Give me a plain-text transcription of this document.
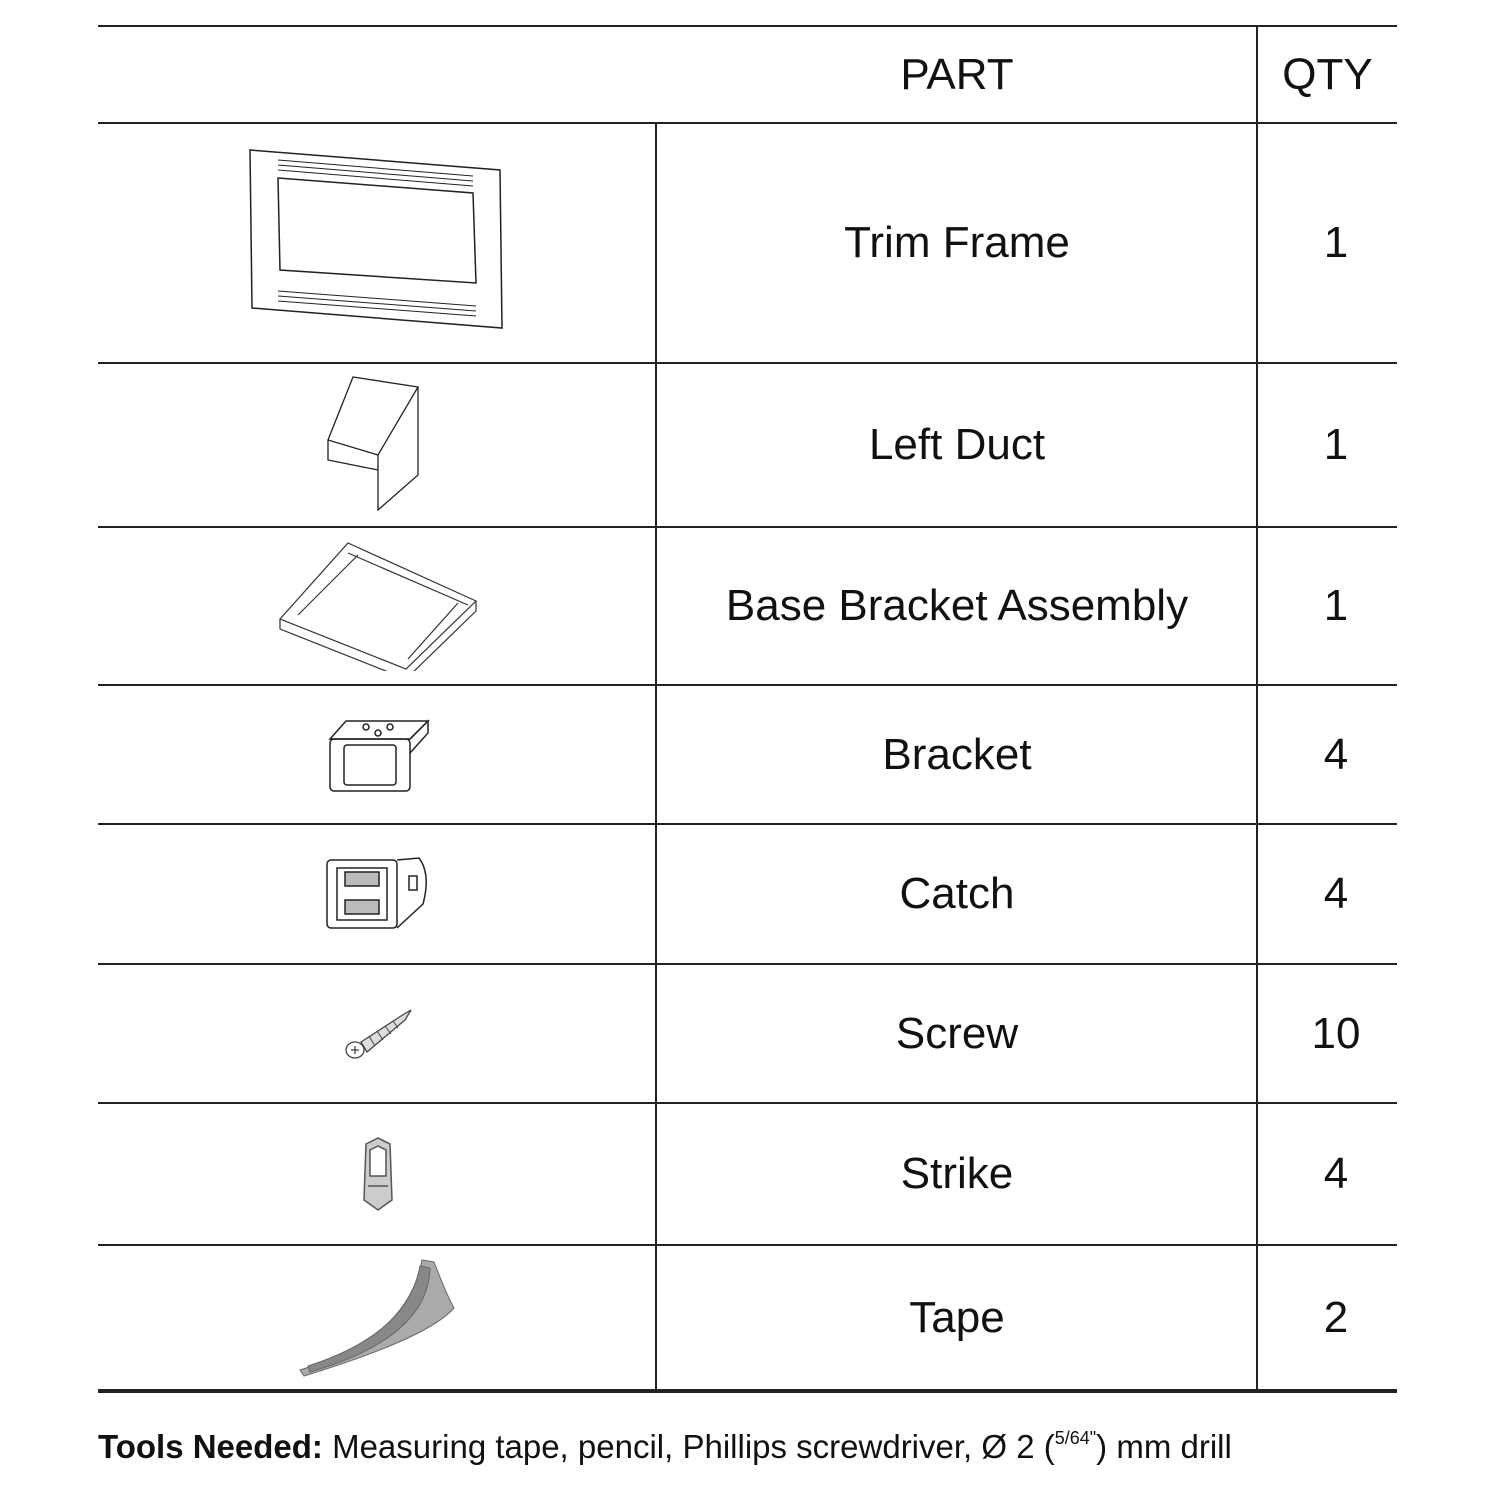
PART	QTY
Trim Frame	1
Left Duct	1
Base Bracket Assembly	1
Bracket	4
Catch	4
Screw	10
Strike	4
Tape	2
Tools Needed: Measuring tape, pencil, Phillips screwdriver, Ø 2 ($^{5/64"}$) mm drill
